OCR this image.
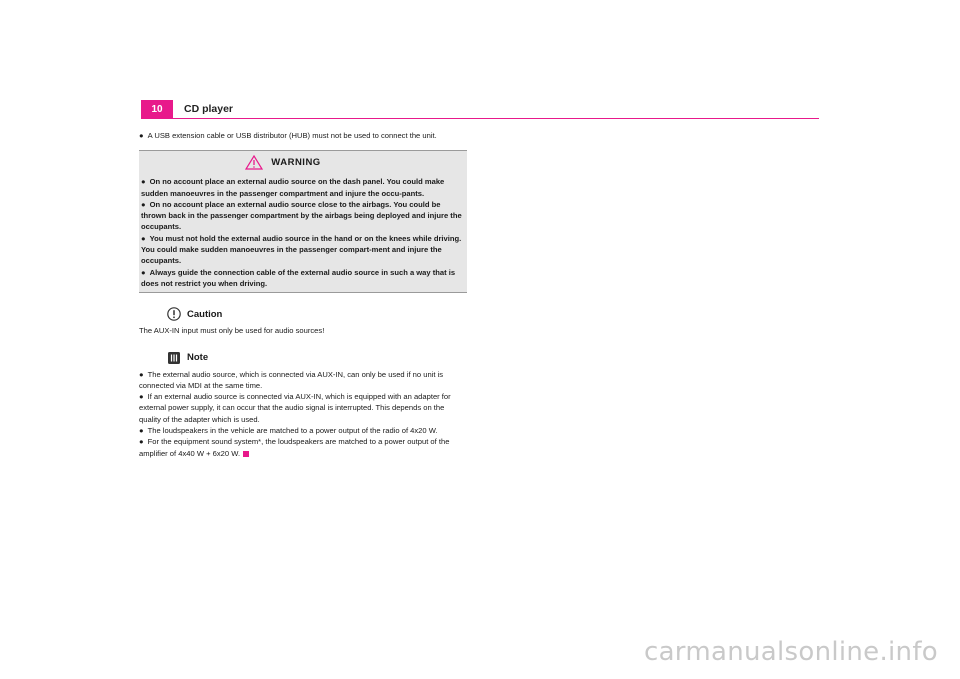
10 CD player

● A USB extension cable or USB distributor (HUB) must not be used to connect the unit.

WARNING

● On no account place an external audio source on the dash panel. You could make sudden manoeuvres in the passenger compartment and injure the occu-pants.

● On no account place an external audio source close to the airbags. You could be thrown back in the passenger compartment by the airbags being deployed and injure the occupants.

● You must not hold the external audio source in the hand or on the knees while driving. You could make sudden manoeuvres in the passenger compart-ment and injure the occupants.

● Always guide the connection cable of the external audio source in such a way that is does not restrict you when driving.

Caution

The AUX-IN input must only be used for audio sources!

Note

● The external audio source, which is connected via AUX-IN, can only be used if no unit is connected via MDI at the same time.

● If an external audio source is connected via AUX-IN, which is equipped with an adapter for external power supply, it can occur that the audio signal is interrupted. This depends on the quality of the adapter which is used.

● The loudspeakers in the vehicle are matched to a power output of the radio of 4x20 W.

● For the equipment sound system*, the loudspeakers are matched to a power output of the amplifier of 4x40 W + 6x20 W.

carmanualsonline.info
